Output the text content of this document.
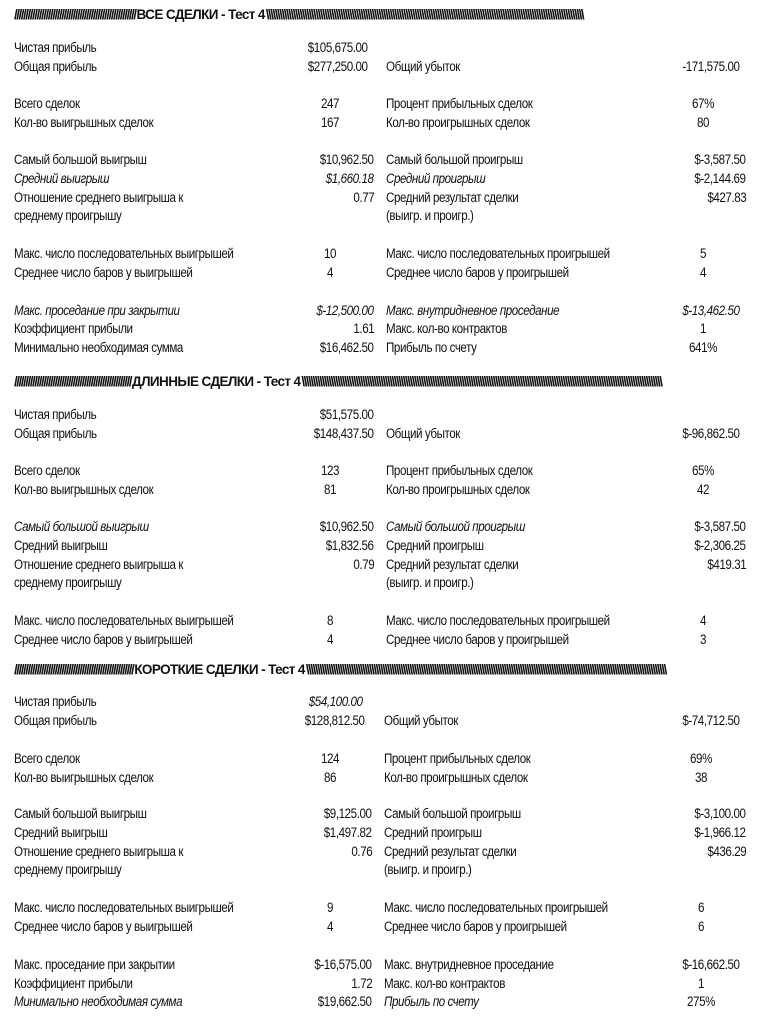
//////////////////////////////////////////////////////ВСЕ СДЕЛКИ - Тест 4\\\\\\\\\\\\\\\\\\\\\\\\\\\\\\\\\\\\\\\\\\\\\\\\\\\\\\\\\\\\\\\\\\\\\\\\\\\\\\\\\\\\\\\\\\\\\\\\\\\\\\\\\\\\\\\\\\\\\\\\\\\\\\\\\\\\\\\\\\\\\
Чистая прибыль	$105,675.00
Общая прибыль	$277,250.00 Общий убыток	-171,575.00
Всего сделок	247	Процент прибыльных сделок	67%
Кол-во выигрышных сделок	167	Кол-во проигрышных сделок	80
Самый большой выигрыш	$10,962.50 Самый большой проигрыш	$-3,587.50
Средний выигрыш	$1,660.18 Средний проигрыш	$-2,144.69
Отношение среднего выигрыша к	0.77
среднему проигрышу
Средний результат сделки	$427.83
(выигр. и проигр.)
Макс. число последовательных выигрышей	10	Макс. число последовательных проигрышей	5
Среднее число баров у выигрышей	4	Среднее число баров у проигрышей	4
Макс. проседание при закрытии	$-12,500.00 Макс. внутридневное проседание	$-13,462.50
Коэффициент прибыли	1.61 Макс. кол-во контрактов	1
Минимально необходимая сумма	$16,462.50 Прибыль по счету	641%
////////////////////////////////////////////////////ДЛИННЫЕ СДЕЛКИ - Тест 4\\\\\\\\\\\\\\\\\\\\\\\\\\\\\\\\\\\\\\\\\\\\\\\\\\\\\\\\\\\\\\\\\\\\\\\\\\\\\\\\\\\\\\\\\\\\\\\\\\\\\\\\\\\\\\\\\\\\\\\\\\\\\\\\\\\\\\\\\\\\\\\\\\\\\\\\\\\\\\\\
Чистая прибыль	$51,575.00
Общая прибыль	$148,437.50 Общий убыток	$-96,862.50
Всего сделок	123	Процент прибыльных сделок	65%
Кол-во выигрышных сделок	81	Кол-во проигрышных сделок	42
Самый большой выигрыш	$10,962.50 Самый большой проигрыш	$-3,587.50
Средний выигрыш	$1,832.56 Средний проигрыш	$-2,306.25
Отношение среднего выигрыша к	0.79
среднему проигрышу
Средний результат сделки	$419.31
(выигр. и проигр.)
Макс. число последовательных выигрышей	8	Макс. число последовательных проигрышей	4
Среднее число баров у выигрышей	4	Среднее число баров у проигрышей	3
/////////////////////////////////////////////////////КОРОТКИЕ СДЕЛКИ - Тест 4\\\\\\\\\\\\\\\\\\\\\\\\\\\\\\\\\\\\\\\\\\\\\\\\\\\\\\\\\\\\\\\\\\\\\\\\\\\\\\\\\\\\\\\\\\\\\\\\\\\\\\\\\\\\\\\\\\\\\\\\\\\\\\\\\\\\\\\\\\\\\\\\\\\\\\\\\\\\\\\\
Чистая прибыль	$54,100.00
Общая прибыль	$128,812.50 Общий убыток	$-74,712.50
Всего сделок	124	Процент прибыльных сделок	69%
Кол-во выигрышных сделок	86	Кол-во проигрышных сделок	38
Самый большой выигрыш	$9,125.00 Самый большой проигрыш	$-3,100.00
Средний выигрыш	$1,497.82 Средний проигрыш	$-1,966.12
Отношение среднего выигрыша к	0.76
среднему проигрышу
Средний результат сделки	$436.29
(выигр. и проигр.)
Макс. число последовательных выигрышей	9	Макс. число последовательных проигрышей	6
Среднее число баров у выигрышей	4	Среднее число баров у проигрышей	6
Макс. проседание при закрытии	$-16,575.00 Макс. внутридневное проседание	$-16,662.50
Коэффициент прибыли	1.72 Макс. кол-во контрактов	1
Минимально необходимая сумма	$19,662.50 Прибыль по счету	275%
